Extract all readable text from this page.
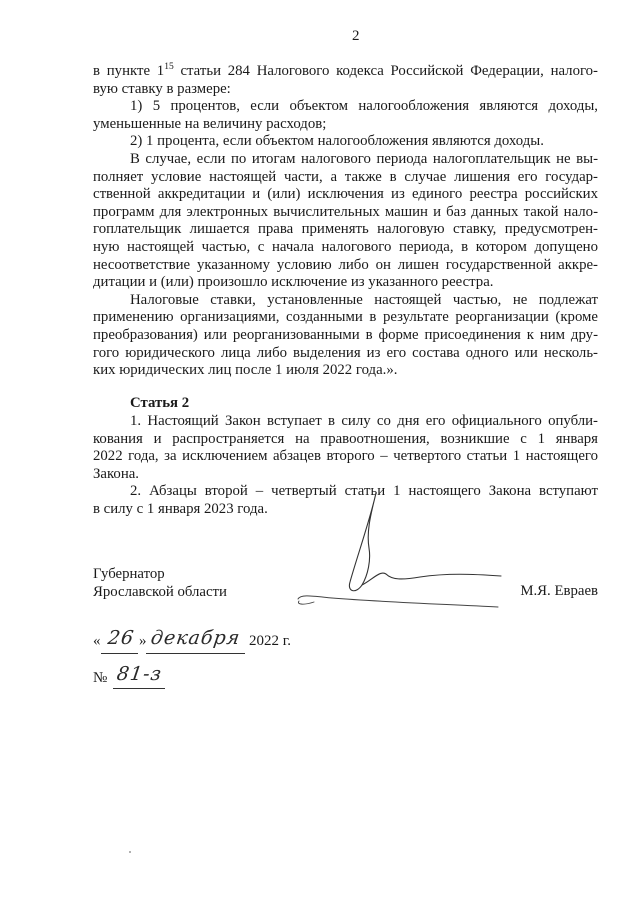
2
в пункте $1^{15}$ статьи 284 Налогового кодекса Российской Федерации, налого-
вую ставку в размере:
1) 5 процентов, если объектом налогообложения являются доходы,
уменьшенные на величину расходов;
2) 1 процента, если объектом налогообложения являются доходы.
В случае, если по итогам налогового периода налогоплательщик не вы-
полняет условие настоящей части, а также в случае лишения его государ-
ственной аккредитации и (или) исключения из единого реестра российских
программ для электронных вычислительных машин и баз данных такой нало-
гоплательщик лишается права применять налоговую ставку, предусмотрен-
ную настоящей частью, с начала налогового периода, в котором допущено
несоответствие указанному условию либо он лишен государственной аккре-
дитации и (или) произошло исключение из указанного реестра.
Налоговые ставки, установленные настоящей частью, не подлежат
применению организациями, созданными в результате реорганизации (кроме
преобразования) или реорганизованными в форме присоединения к ним дру-
гого юридического лица либо выделения из его состава одного или несколь-
ких юридических лиц после 1 июля 2022 года.».
Статья 2
1. Настоящий Закон вступает в силу со дня его официального опубли-
кования и распространяется на правоотношения, возникшие с 1 января
2022 года, за исключением абзацев второго – четвертого статьи 1 настоящего
Закона.
2. Абзацы второй – четвертый статьи 1 настоящего Закона вступают
в силу с 1 января 2023 года.
Губернатор
Ярославской области	М.Я. Евраев
« 26 » декабря 2022 г.
№ 81-з
